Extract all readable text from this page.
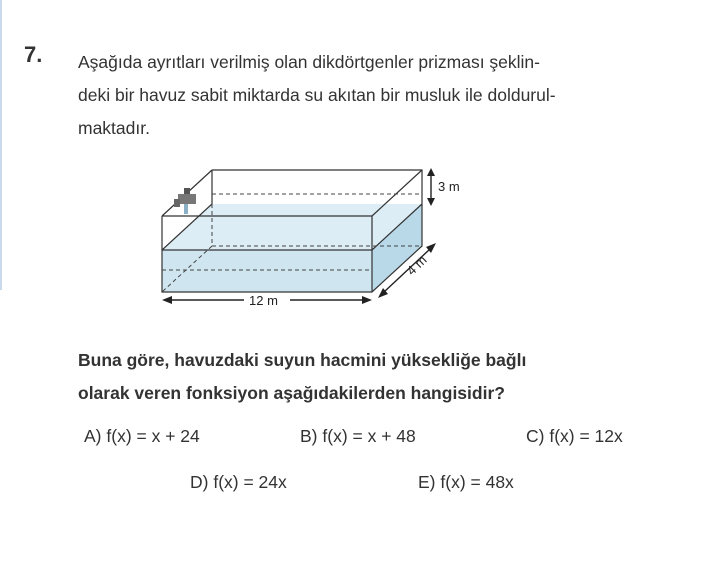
7. Aşağıda ayrıtları verilmiş olan dikdörtgenler prizması şeklin-
deki bir havuz sabit miktarda su akıtan bir musluk ile doldurul-
maktadır.
3 m
4 m
12 m
Buna göre, havuzdaki suyun hacmini yüksekliğe bağlı
olarak veren fonksiyon aşağıdakilerden hangisidir?
A) f(x) = x + 24	B) f(x) = x + 48	C) f(x) = 12x
D) f(x) = 24x	E) f(x) = 48x
